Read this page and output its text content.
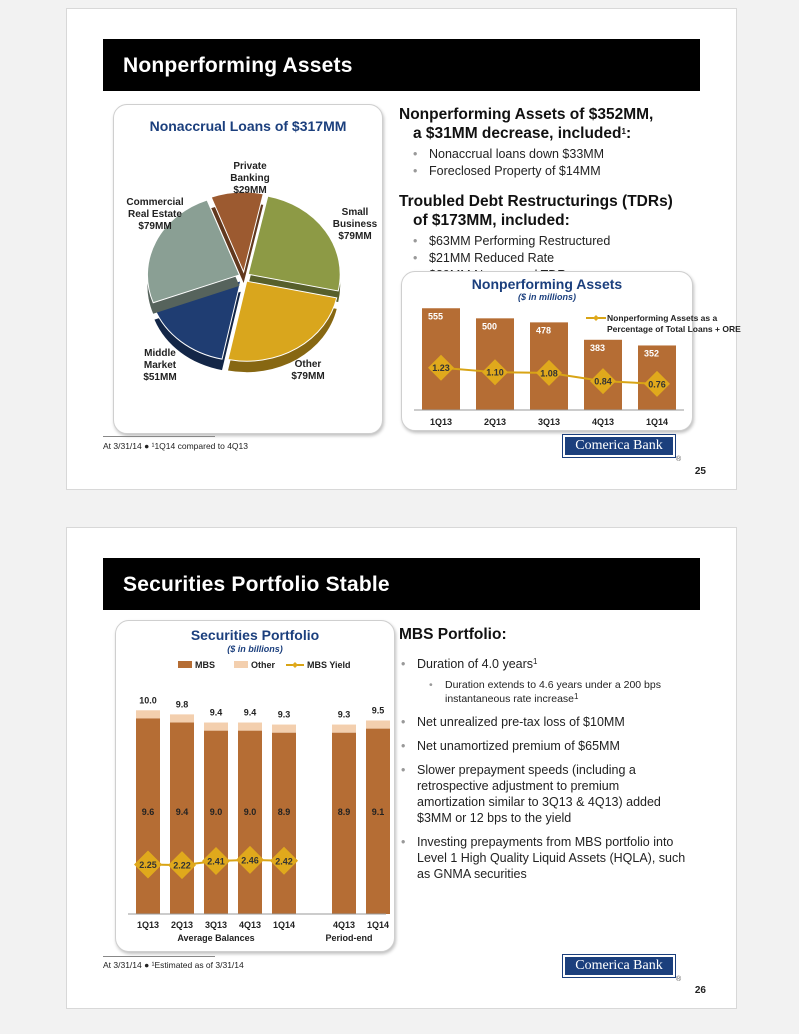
Nonperforming Assets
Nonaccrual Loans of $317MM
Private
Banking
$29MM
Small
Business
$79MM
Other
$79MM
Middle
Market
$51MM
Commercial
Real Estate
$79MM

Nonperforming Assets of $352MM,
a $31MM decrease, included$^1$:

• Nonaccrual loans down $33MM
• Foreclosed Property of $14MM

Troubled Debt Restructurings (TDRs)
of $173MM, included:

• $63MM Performing Restructured
• $21MM Reduced Rate
•
Nonperforming Assets
($ in millions)
555
1Q13
500
2Q13
478
3Q13
383
4Q13
352
1Q14
1.23	1.10	1.08
0.84	0.76
Nonperforming Assets as a
Percentage of Total Loans + ORE
At 3/31/14 ● ¹1Q14 compared to 4Q13	Comerica Bank
®
25
Securities Portfolio Stable
Securities Portfolio
($ in billions)
10.0
9.6
1Q13
9.8
9.4
2Q13
9.4
9.0
3Q13
9.4
9.0
4Q13
9.3
8.9
1Q14
9.3
8.9
4Q13
9.5
9.1
1Q14
Average Balances	Period-end
2.25 2.22 2.41 2.46 2.42
MBS	Other	MBS Yield

MBS Portfolio:

• Duration of 4.0 years$^1$
• Duration extends to 4.6 years under a 200 bps instantaneous rate increase$^1$
• Net unrealized pre-tax loss of $10MM
• Net unamortized premium of $65MM
• Slower prepayment speeds (including a retrospective adjustment to premium amortization similar to 3Q13 & 4Q13) added $3MM or 12 bps to the yield
• Investing prepayments from MBS portfolio into Level 1 High Quality Liquid Assets (HQLA), such as GNMA securities
At 3/31/14 ● ¹Estimated as of 3/31/14	Comerica Bank
®
26
